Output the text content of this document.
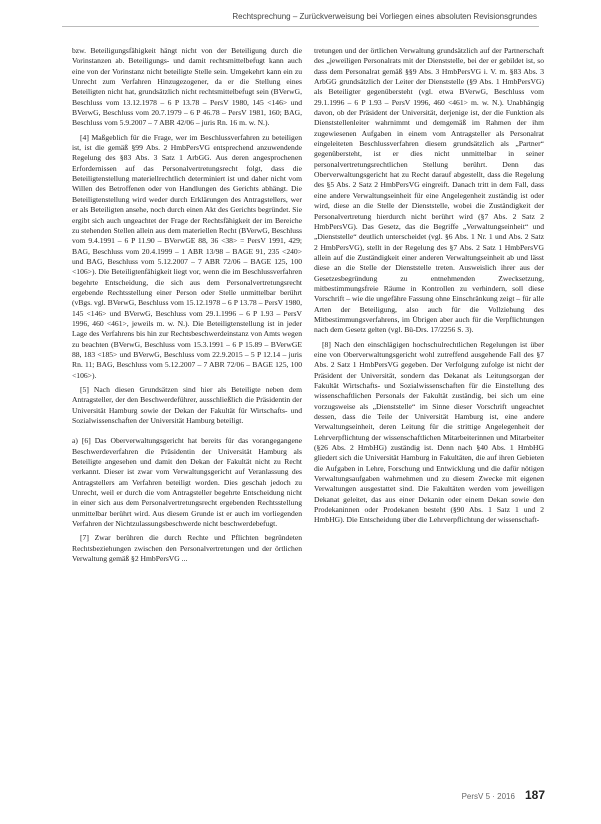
Rechtsprechung – Zurückverweisung bei Vorliegen eines absoluten Revisionsgrundes

bzw. Beteiligungsfähigkeit hängt nicht von der Beteiligung durch die Vorinstanzen ab. Beteiligungs- und damit rechtsmittelbefugt kann auch eine von der Vorinstanz nicht beteiligte Stelle sein. Umgekehrt kann ein zu Unrecht zum Verfahren Hinzugezogener, da er die Stellung eines Beteiligten nicht hat, grundsätzlich nicht rechtsmittelbefugt sein (BVerwG, Beschluss vom 13.12.1978 – 6 P 13.78 – PersV 1980, 145 <146> und BVerwG, Beschluss vom 20.7.1979 – 6 P 46.78 – PersV 1981, 160; BAG, Beschluss vom 5.9.2007 – 7 ABR 42/06 – juris Rn. 16 m. w. N.).

[4] Maßgeblich für die Frage, wer im Beschlussverfahren zu beteiligen ist, ist die gemäß §99 Abs. 2 HmbPersVG entsprechend anzuwendende Regelung des §83 Abs. 3 Satz 1 ArbGG. Aus deren angesprochenen Erfordernissen auf das Personalvertretungsrecht folgt, dass die Beteiligtenstellung materiellrechtlich determiniert ist und daher nicht vom Willen des Betroffenen oder von Handlungen des Gerichts abhängt. Die Beteiligtenstellung wird weder durch Erklärungen des Antragstellers, wer er als Beteiligten ansehe, noch durch einen Akt des Gerichts begründet. Sie ergibt sich auch ungeachtet der Frage der Rechtsfähigkeit der im Bereiche zu stehenden Stellen allein aus dem materiellen Recht (BVerwG, Beschluss vom 9.4.1991 – 6 P 11.90 – BVerwGE 88, 36 <38> = PersV 1991, 429; BAG, Beschluss vom 20.4.1999 – 1 ABR 13/98 – BAGE 91, 235 <240> und BAG, Beschluss vom 5.12.2007 – 7 ABR 72/06 – BAGE 125, 100 <106>). Die Beteiligtenfähigkeit liegt vor, wenn die im Beschlussverfahren begehrte Entscheidung, die sich aus dem Personalvertretungsrecht ergebende Rechtsstellung einer Person oder Stelle unmittelbar berührt (vBgs. vgl. BVerwG, Beschluss vom 15.12.1978 – 6 P 13.78 – PersV 1980, 145 <146> und BVerwG, Beschluss vom 29.1.1996 – 6 P 1.93 – PersV 1996, 460 <461>, jeweils m. w. N.). Die Beteiligtenstellung ist in jeder Lage des Verfahrens bis hin zur Rechtsbeschwerdeinstanz von Amts wegen zu beachten (BVerwG, Beschluss vom 15.3.1991 – 6 P 15.89 – BVerwGE 88, 183 <185> und BVerwG, Beschluss vom 22.9.2015 – 5 P 12.14 – juris Rn. 11; BAG, Beschluss vom 5.12.2007 – 7 ABR 72/06 – BAGE 125, 100 <106>).

[5] Nach diesen Grundsätzen sind hier als Beteiligte neben dem Antragsteller, der den Beschwerdeführer, ausschließlich die Präsidentin der Universität Hamburg sowie der Dekan der Fakultät für Wirtschafts- und Sozialwissenschaften der Universität Hamburg beteiligt.

a) [6] Das Oberverwaltungsgericht hat bereits für das vorangegangene Beschwerdeverfahren die Präsidentin der Universität Hamburg als Beteiligte angesehen und damit den Dekan der Fakultät nicht zu Recht verkannt. Dieser ist zwar vom Verwaltungsgericht auf Veranlassung des Antragstellers am Verfahren beteiligt worden. Dies geschah jedoch zu Unrecht, weil er durch die vom Antragsteller begehrte Entscheidung nicht in einer sich aus dem Personalvertretungsrecht ergebenden Rechtsstellung unmittelbar berührt wird. Aus diesem Grunde ist er auch im vorliegenden Verfahren der Nichtzulassungsbeschwerde nicht beschwerdebefugt.

[7] Zwar berühren die durch Rechte und Pflichten begründeten Rechtsbeziehungen zwischen den Personalvertretungen und der örtlichen Verwaltung gemäß §2 HmbPersVG ...

tretungen und der örtlichen Verwaltung grundsätzlich auf der Partnerschaft des „jeweiligen Personalrats mit der Dienststelle, bei der er gebildet ist, so dass dem Personalrat gemäß §§9 Abs. 3 HmbPersVG i. V. m. §83 Abs. 3 ArbGG grundsätzlich der Leiter der Dienststelle (§9 Abs. 1 HmbPersVG) als Beteiligter gegenübersteht (vgl. etwa BVerwG, Beschluss vom 29.1.1996 – 6 P 1.93 – PersV 1996, 460 <461> m. w. N.). Unabhängig davon, ob der Präsident der Universität, derjenige ist, der die Funktion als Dienststellenleiter wahrnimmt und demgemäß im Rahmen der ihm zugewiesenen Aufgaben in einem vom Antragsteller als Personalrat eingeleiteten Beschlussverfahren diesem grundsätzlich als „Partner“ gegenübersteht, ist er dies nicht unmittelbar in seiner personalvertretungsrechtlichen Stellung berührt. Denn das Oberverwaltungsgericht hat zu Recht darauf abgestellt, dass die Regelung des §5 Abs. 2 Satz 2 HmbPersVG eingreift. Danach tritt in dem Fall, dass eine andere Verwaltungseinheit für eine Angelegenheit zuständig ist oder wird, diese an die Stelle der Dienststelle, wobei die Zuständigkeit der Personalvertretung hierdurch nicht berührt wird (§7 Abs. 2 Satz 2 HmbPersVG). Das Gesetz, das die Begriffe „Verwaltungseinheit“ und „Dienststelle“ deutlich unterscheidet (vgl. §6 Abs. 1 Nr. 1 und Abs. 2 Satz 2 HmbPersVG), stellt in der Regelung des §7 Abs. 2 Satz 1 HmbPersVG allein auf die Zuständigkeit einer anderen Verwaltungseinheit ab und lässt diese an die Stelle der Dienststelle treten. Ausweislich ihrer aus der Gesetzesbegründung zu entnehmenden Zwecksetzung, mitbestimmungsfreie Räume in Kontrollen zu verhindern, soll diese Vorschrift – wie die ungefähre Fassung ohne Einschränkung zeigt – für alle Arten der Beteiligung, also auch für die Vollziehung des Mitbestimmungsverfahrens, im Übrigen aber auch für die Verpflichtungen nach dem Gesetz gelten (vgl. Bü-Drs. 17/2256 S. 3).

[8] Nach den einschlägigen hochschulrechtlichen Regelungen ist über eine von Oberverwaltungsgericht wohl zutreffend ausgehende Fall des §7 Abs. 2 Satz 1 HmbPersVG gegeben. Der Verfolgung zufolge ist nicht der Präsident der Universität, sondern das Dekanat als Leitungsorgan der Fakultät Wirtschafts- und Sozialwissenschaften für die Einstellung des wissenschaftlichen Personals der Fakultät zuständig, bei sich um eine vorzugsweise als „Dienststelle“ im Sinne dieser Vorschrift ungeachtet dessen, dass die Teile der Universität Hamburg ist, eine andere Verwaltungseinheit, deren Leitung für die strittige Angelegenheit der Lehrverpflichtung der wissenschaftlichen Mitarbeiterinnen und Mitarbeiter (§26 Abs. 2 HmbHG) zuständig ist. Denn nach §40 Abs. 1 HmbHG gliedert sich die Universität Hamburg in Fakultäten, die auf ihren Gebieten die Aufgaben in Lehre, Forschung und Entwicklung und die dafür nötigen Verwaltungsaufgaben wahrnehmen und zu diesem Zwecke mit eigenen Verwaltungen ausgestattet sind. Die Fakultäten werden vom jeweiligen Dekanat geleitet, das aus einer Dekanin oder einem Dekan sowie den Prodekaninnen oder Prodekanen besteht (§90 Abs. 1 Satz 1 und 2 HmbHG). Die Entscheidung über die Lehrverpflichtung der wissenschaft-

PersV 5 · 2016 187
